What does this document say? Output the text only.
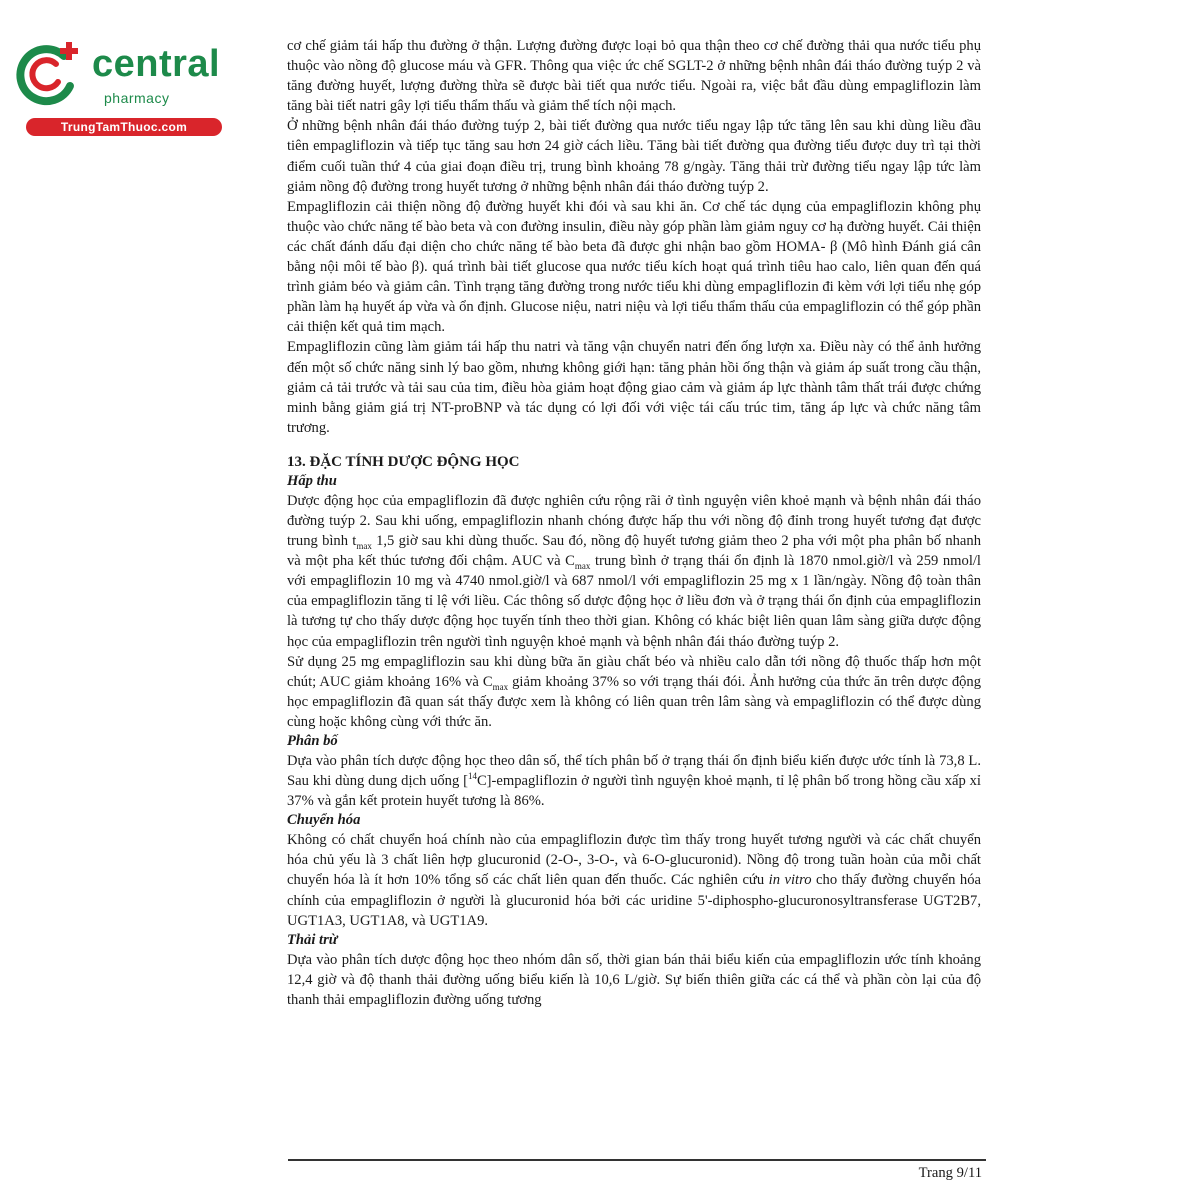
central
pharmacy
TrungTamThuoc.com

cơ chế giảm tái hấp thu đường ở thận. Lượng đường được loại bỏ qua thận theo cơ chế đường thải qua nước tiểu phụ thuộc vào nồng độ glucose máu và GFR. Thông qua việc ức chế SGLT-2 ở những bệnh nhân đái tháo đường tuýp 2 và tăng đường huyết, lượng đường thừa sẽ được bài tiết qua nước tiểu. Ngoài ra, việc bắt đầu dùng empagliflozin làm tăng bài tiết natri gây lợi tiểu thẩm thấu và giảm thể tích nội mạch.

Ở những bệnh nhân đái tháo đường tuýp 2, bài tiết đường qua nước tiểu ngay lập tức tăng lên sau khi dùng liều đầu tiên empagliflozin và tiếp tục tăng sau hơn 24 giờ cách liều. Tăng bài tiết đường qua đường tiểu được duy trì tại thời điểm cuối tuần thứ 4 của giai đoạn điều trị, trung bình khoảng 78 g/ngày. Tăng thải trừ đường tiểu ngay lập tức làm giảm nồng độ đường trong huyết tương ở những bệnh nhân đái tháo đường tuýp 2.

Empagliflozin cải thiện nồng độ đường huyết khi đói và sau khi ăn. Cơ chế tác dụng của empagliflozin không phụ thuộc vào chức năng tế bào beta và con đường insulin, điều này góp phần làm giảm nguy cơ hạ đường huyết. Cải thiện các chất đánh dấu đại diện cho chức năng tế bào beta đã được ghi nhận bao gồm HOMA- β (Mô hình Đánh giá cân bằng nội môi tế bào β). quá trình bài tiết glucose qua nước tiểu kích hoạt quá trình tiêu hao calo, liên quan đến quá trình giảm béo và giảm cân. Tình trạng tăng đường trong nước tiểu khi dùng empagliflozin đi kèm với lợi tiểu nhẹ góp phần làm hạ huyết áp vừa và ổn định. Glucose niệu, natri niệu và lợi tiểu thẩm thấu của empagliflozin có thể góp phần cải thiện kết quả tim mạch.

Empagliflozin cũng làm giảm tái hấp thu natri và tăng vận chuyển natri đến ống lượn xa. Điều này có thể ảnh hưởng đến một số chức năng sinh lý bao gồm, nhưng không giới hạn: tăng phản hồi ống thận và giảm áp suất trong cầu thận, giảm cả tải trước và tải sau của tim, điều hòa giảm hoạt động giao cảm và giảm áp lực thành tâm thất trái được chứng minh bằng giảm giá trị NT-proBNP và tác dụng có lợi đối với việc tái cấu trúc tim, tăng áp lực và chức năng tâm trương.

13. ĐẶC TÍNH DƯỢC ĐỘNG HỌC

Hấp thu

Dược động học của empagliflozin đã được nghiên cứu rộng rãi ở tình nguyện viên khoẻ mạnh và bệnh nhân đái tháo đường tuýp 2. Sau khi uống, empagliflozin nhanh chóng được hấp thu với nồng độ đỉnh trong huyết tương đạt được trung bình $t_{max}$ 1,5 giờ sau khi dùng thuốc. Sau đó, nồng độ huyết tương giảm theo 2 pha với một pha phân bố nhanh và một pha kết thúc tương đối chậm. AUC và $C_{max}$ trung bình ở trạng thái ổn định là 1870 nmol.giờ/l và 259 nmol/l với empagliflozin 10 mg và 4740 nmol.giờ/l và 687 nmol/l với empagliflozin 25 mg x 1 lần/ngày. Nồng độ toàn thân của empagliflozin tăng tỉ lệ với liều. Các thông số dược động học ở liều đơn và ở trạng thái ổn định của empagliflozin là tương tự cho thấy dược động học tuyến tính theo thời gian. Không có khác biệt liên quan lâm sàng giữa dược động học của empagliflozin trên người tình nguyện khoẻ mạnh và bệnh nhân đái tháo đường tuýp 2.

Sử dụng 25 mg empagliflozin sau khi dùng bữa ăn giàu chất béo và nhiều calo dẫn tới nồng độ thuốc thấp hơn một chút; AUC giảm khoảng 16% và $C_{max}$ giảm khoảng 37% so với trạng thái đói. Ảnh hưởng của thức ăn trên dược động học empagliflozin đã quan sát thấy được xem là không có liên quan trên lâm sàng và empagliflozin có thể được dùng cùng hoặc không cùng với thức ăn.

Phân bố

Dựa vào phân tích dược động học theo dân số, thể tích phân bố ở trạng thái ổn định biểu kiến được ước tính là 73,8 L. Sau khi dùng dung dịch uống [$^{14}$C]-empagliflozin ở người tình nguyện khoẻ mạnh, tỉ lệ phân bố trong hồng cầu xấp xỉ 37% và gắn kết protein huyết tương là 86%.

Chuyển hóa

Không có chất chuyển hoá chính nào của empagliflozin được tìm thấy trong huyết tương người và các chất chuyển hóa chủ yếu là 3 chất liên hợp glucuronid (2-O-, 3-O-, và 6-O-glucuronid). Nồng độ trong tuần hoàn của mỗi chất chuyển hóa là ít hơn 10% tổng số các chất liên quan đến thuốc. Các nghiên cứu in vitro cho thấy đường chuyển hóa chính của empagliflozin ở người là glucuronid hóa bởi các uridine 5'-diphospho-glucuronosyltransferase UGT2B7, UGT1A3, UGT1A8, và UGT1A9.

Thải trừ

Dựa vào phân tích dược động học theo nhóm dân số, thời gian bán thải biểu kiến của empagliflozin ước tính khoảng 12,4 giờ và độ thanh thải đường uống biểu kiến là 10,6 L/giờ. Sự biến thiên giữa các cá thể và phần còn lại của độ thanh thải empagliflozin đường uống tương

Trang 9/11
